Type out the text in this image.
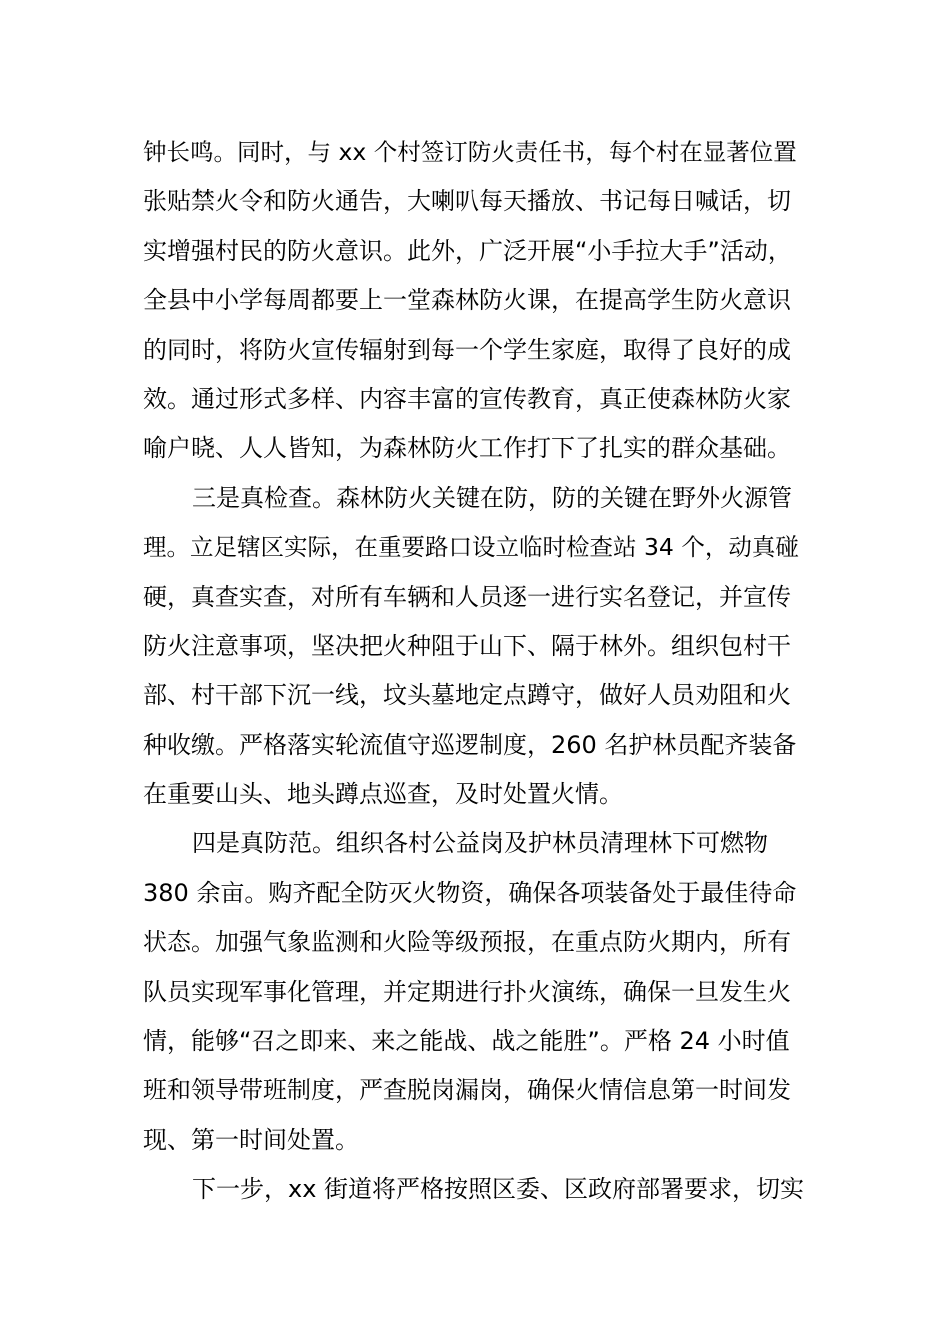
钟长鸣。同时，与 xx 个村签订防火责任书，每个村在显著位置
张贴禁火令和防火通告，大喇叭每天播放、书记每日喊话，切
实增强村民的防火意识。此外，广泛开展“小手拉大手”活动，
全县中小学每周都要上一堂森林防火课，在提高学生防火意识
的同时，将防火宣传辐射到每一个学生家庭，取得了良好的成
效。通过形式多样、内容丰富的宣传教育，真正使森林防火家
喻户晓、人人皆知，为森林防火工作打下了扎实的群众基础。
三是真检查。森林防火关键在防，防的关键在野外火源管
理。立足辖区实际，在重要路口设立临时检查站 34 个，动真碰
硬，真查实查，对所有车辆和人员逐一进行实名登记，并宣传
防火注意事项，坚决把火种阻于山下、隔于林外。组织包村干
部、村干部下沉一线，坟头墓地定点蹲守，做好人员劝阻和火
种收缴。严格落实轮流值守巡逻制度，260 名护林员配齐装备
在重要山头、地头蹲点巡查，及时处置火情。
四是真防范。组织各村公益岗及护林员清理林下可燃物
380 余亩。购齐配全防灭火物资，确保各项装备处于最佳待命
状态。加强气象监测和火险等级预报，在重点防火期内，所有
队员实现军事化管理，并定期进行扑火演练，确保一旦发生火
情，能够“召之即来、来之能战、战之能胜”。严格 24 小时值
班和领导带班制度，严查脱岗漏岗，确保火情信息第一时间发
现、第一时间处置。
下一步，xx 街道将严格按照区委、区政府部署要求，切实
